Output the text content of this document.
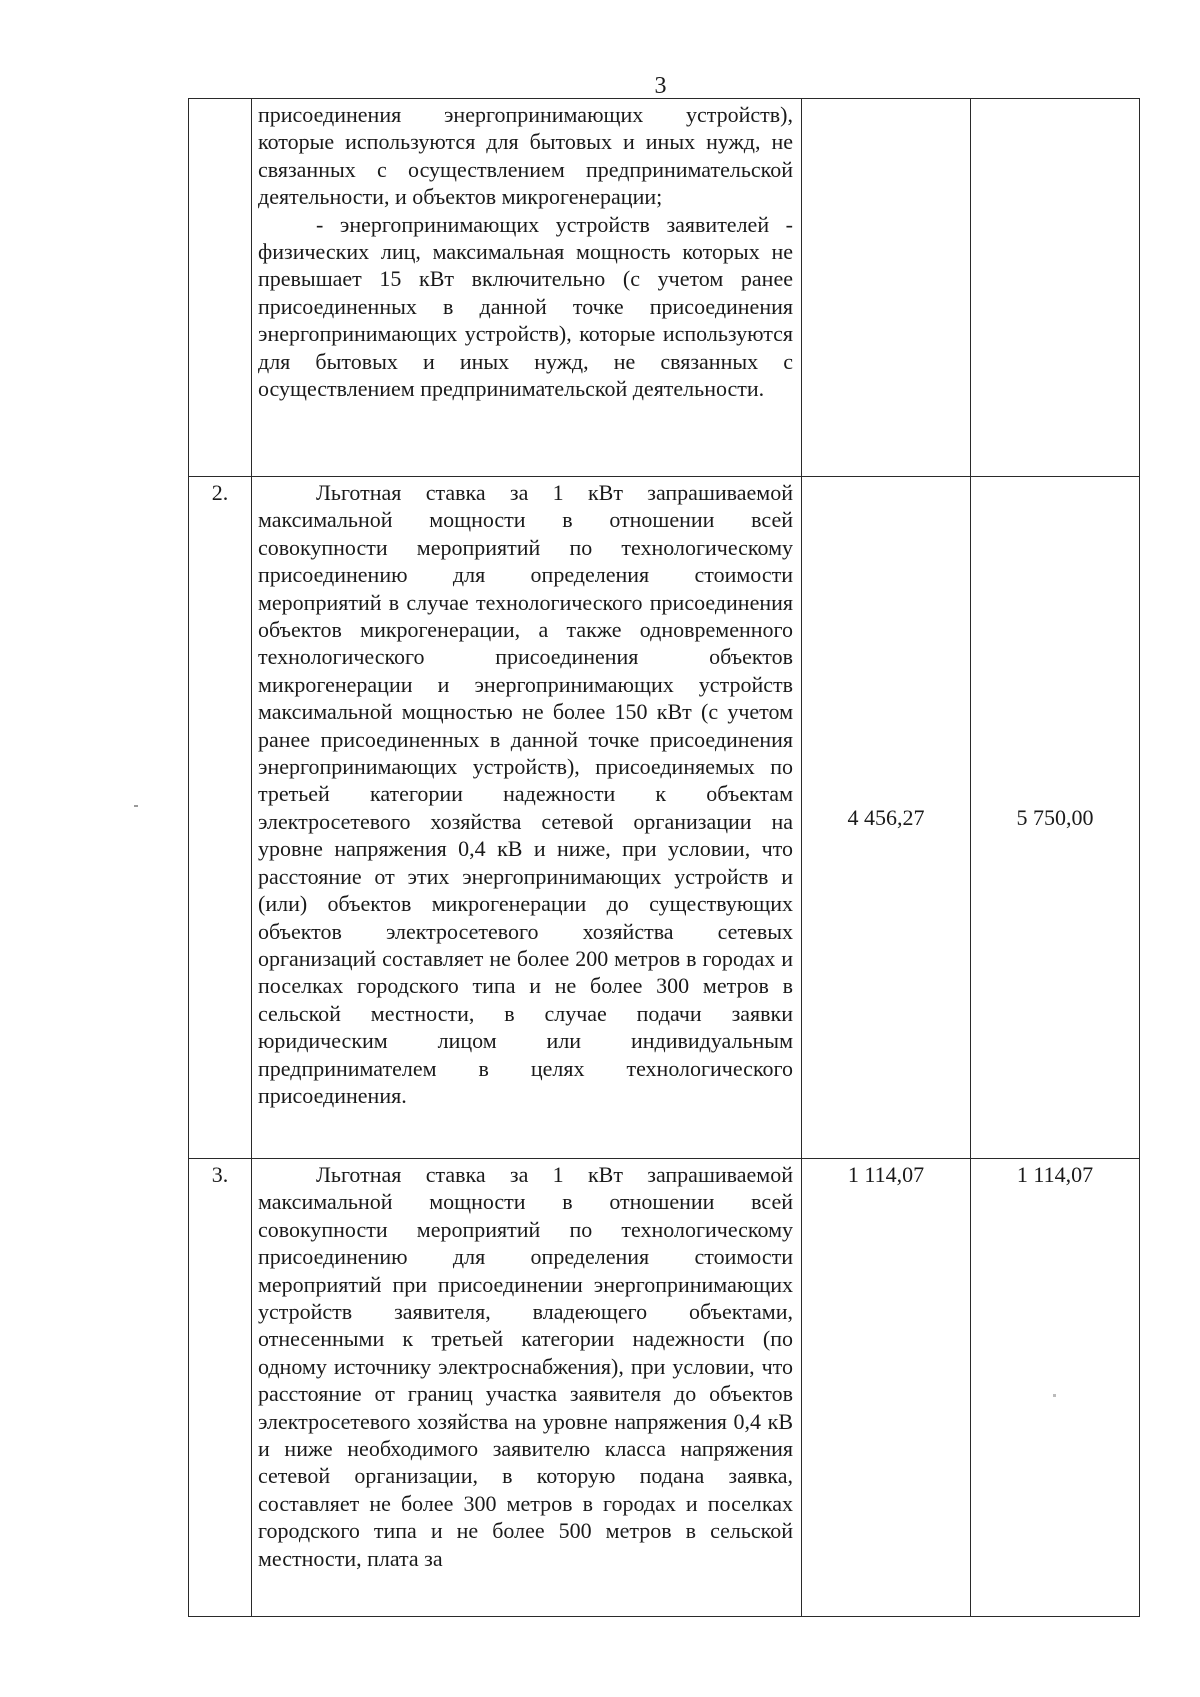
3

	присоединения энергопринимающих устройств), которые используются для бытовых и иных нужд, не связанных с осуществлением предпринимательской деятельности, и объектов микрогенерации;

- энергопринимающих устройств заявителей - физических лиц, максимальная мощность которых не превышает 15 кВт включительно (с учетом ранее присоединенных в данной точке присоединения энергопринимающих устройств), которые используются для бытовых и иных нужд, не связанных с осуществлением предпринимательской деятельности.		

2.	Льготная ставка за 1 кВт запрашиваемой максимальной мощности в отношении всей совокупности мероприятий по технологическому присоединению для определения стоимости мероприятий в случае технологического присоединения объектов микрогенерации, а также одновременного технологического присоединения объектов микрогенерации и энергопринимающих устройств максимальной мощностью не более 150 кВт (с учетом ранее присоединенных в данной точке присоединения энергопринимающих устройств), присоединяемых по третьей категории надежности к объектам электросетевого хозяйства сетевой организации на уровне напряжения 0,4 кВ и ниже, при условии, что расстояние от этих энергопринимающих устройств и (или) объектов микрогенерации до существующих объектов электросетевого хозяйства сетевых организаций составляет не более 200 метров в городах и поселках городского типа и не более 300 метров в сельской местности, в случае подачи заявки юридическим лицом или индивидуальным предпринимателем в целях технологического присоединения.	4 456,27	5 750,00
3.	Льготная ставка за 1 кВт запрашиваемой максимальной мощности в отношении всей совокупности мероприятий по технологическому присоединению для определения стоимости мероприятий при присоединении энергопринимающих устройств заявителя, владеющего объектами, отнесенными к третьей категории надежности (по одному источнику электроснабжения), при условии, что расстояние от границ участка заявителя до объектов электросетевого хозяйства на уровне напряжения 0,4 кВ и ниже необходимого заявителю класса напряжения сетевой организации, в которую подана заявка, составляет не более 300 метров в городах и поселках городского типа и не более 500 метров в сельской местности, плата за	1 114,07	1 114,07
